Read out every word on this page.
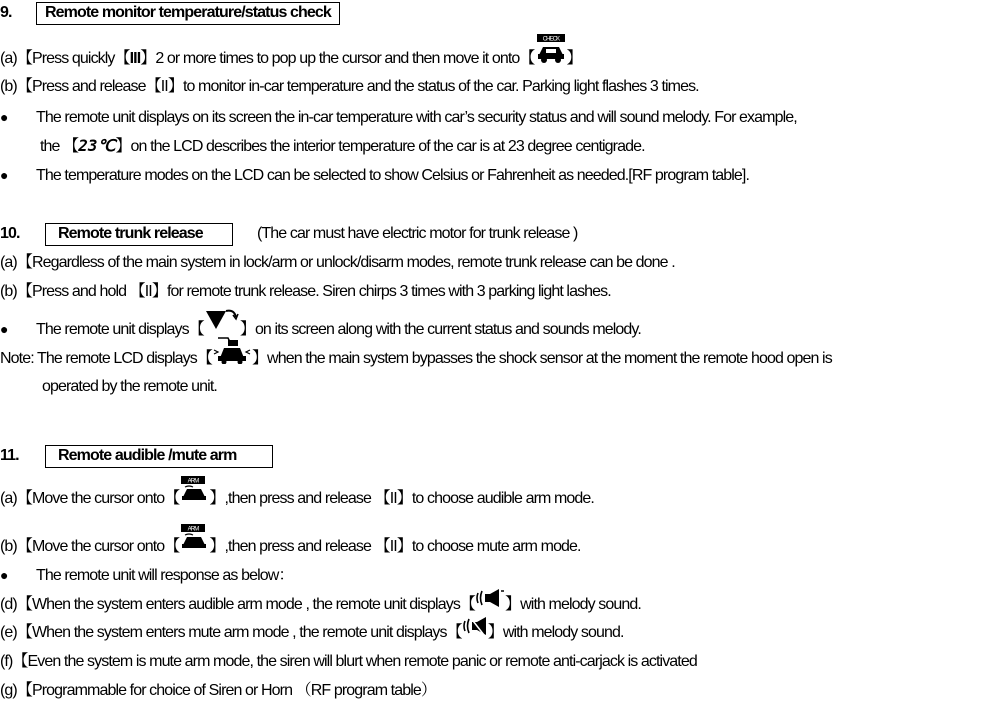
9. Remote monitor temperature/status check
(a)【Press quickly【III】2 or more times to pop up the cursor and then move it onto【
CHECK
】
(b)【Press and release【II】to monitor in-car temperature and the status of the car. Parking light flashes 3 times.
● The remote unit displays on its screen the in-car temperature with car’s security status and will sound melody. For example,
the 【23℃】on the LCD describes the interior temperature of the car is at 23 degree centigrade.
● The temperature modes on the LCD can be selected to show Celsius or Fahrenheit as needed.[RF program table].
10. Remote trunk release	(The car must have electric motor for trunk release )
(a)【Regardless of the main system in lock/arm or unlock/disarm modes, remote trunk release can be done .
(b)【Press and hold 【II】for remote trunk release. Siren chirps 3 times with 3 parking light lashes.
● The remote unit displays【 】on its screen along with the current status and sounds melody.
Note: The remote LCD displays【	】when the main system bypasses the shock sensor at the moment the remote hood open is
operated by the remote unit.
11. Remote audible /mute arm
(a)【Move the cursor onto【
ARM
】,then press and release 【II】to choose audible arm mode.
(b)【Move the cursor onto【
ARM
】,then press and release 【II】to choose mute arm mode.
● The remote unit will response as below：
(d)【When the system enters audible arm mode , the remote unit displays【 】with melody sound.
(e)【When the system enters mute arm mode , the remote unit displays【 】with melody sound.
(f)【Even the system is mute arm mode, the siren will blurt when remote panic or remote anti-carjack is activated
(g)【Programmable for choice of Siren or Horn （RF program table）
